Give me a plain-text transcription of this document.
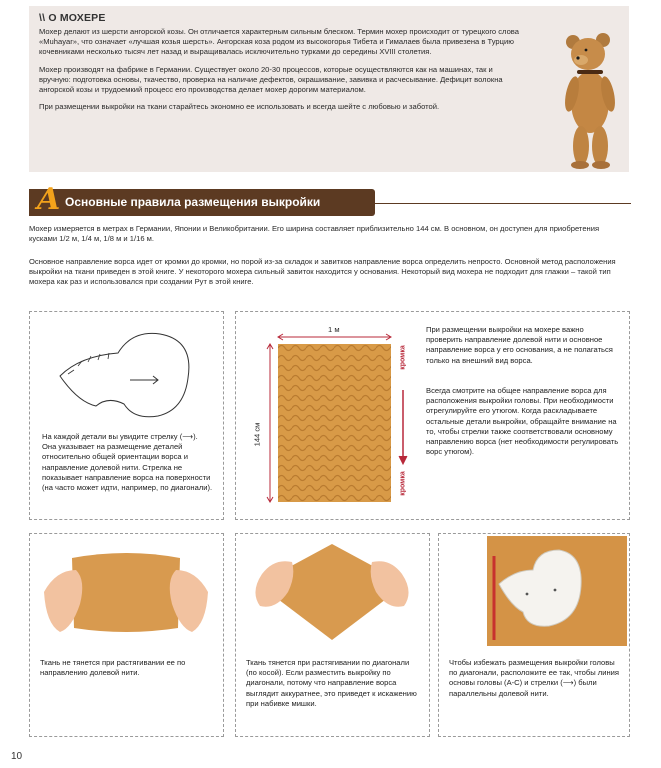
\\ О МОХЕРЕ

Мохер делают из шерсти ангорской козы. Он отличается характерным сильным блеском. Термин мохер происходит от турецкого слова «Muhayar», что означает «лучшая козья шерсть». Ангорская коза родом из высокогорья Тибета и Гималаев была привезена в Турцию кочевниками несколько тысяч лет назад и выращивалась исключительно турками до середины XVIII столетия.

Мохер производят на фабрике в Германии. Существует около 20-30 процессов, которые осуществляются как на машинах, так и вручную: подготовка основы, ткачество, проверка на наличие дефектов, окрашивание, завивка и расчесывание. Дефицит волокна ангорской козы и трудоемкий процесс его производства делает мохер дорогим материалом.

При размещении выкройки на ткани старайтесь экономно ее использовать и всегда шейте с любовью и заботой.

A Основные правила размещения выкройки
Мохер измеряется в метрах в Германии, Японии и Великобритании. Его ширина составляет приблизительно 144 см. В основном, он доступен для приобретения кусками 1/2 м, 1/4 м, 1/8 м и 1/16 м.
Основное направление ворса идет от кромки до кромки, но порой из-за складок и завитков направление ворса определить непросто. Основной метод расположения выкройки на ткани приведен в этой книге. У некоторого мохера сильный завиток находится у основания. Некоторый вид мохера не подходит для глажки – такой тип мохера как раз и использовался при создании Рут в этой книге.
На каждой детали вы увидите стрелку (⟶). Она указывает на размещение деталей относительно общей ориентации ворса и направление долевой нити. Стрелка не показывает направление ворса на поверхности (на часто может идти, например, по диагонали).
1 м
144 см
кромка
кромка
При размещении выкройки на мохере важно проверить направление долевой нити и основное направление ворса у его основания, а не полагаться только на внешний вид ворса.
Всегда смотрите на общее направление ворса для расположения выкройки головы. При необходимости отрегулируйте его утюгом. Когда раскладываете остальные детали выкройки, обращайте внимание на то, чтобы стрелки также соответствовали основному направлению ворса (нет необходимости регулировать ворс утюгом).
Ткань не тянется при растягивании ее по направлению долевой нити.
Ткань тянется при растягивании по диагонали (по косой). Если разместить выкройку по диагонали, потому что направление ворса выглядит аккуратнее, это приведет к искажению при набивке мишки.
Чтобы избежать размещения выкройки головы по диагонали, расположите ее так, чтобы линия основы головы (A-C) и стрелки (⟶) были параллельны долевой нити.
10
